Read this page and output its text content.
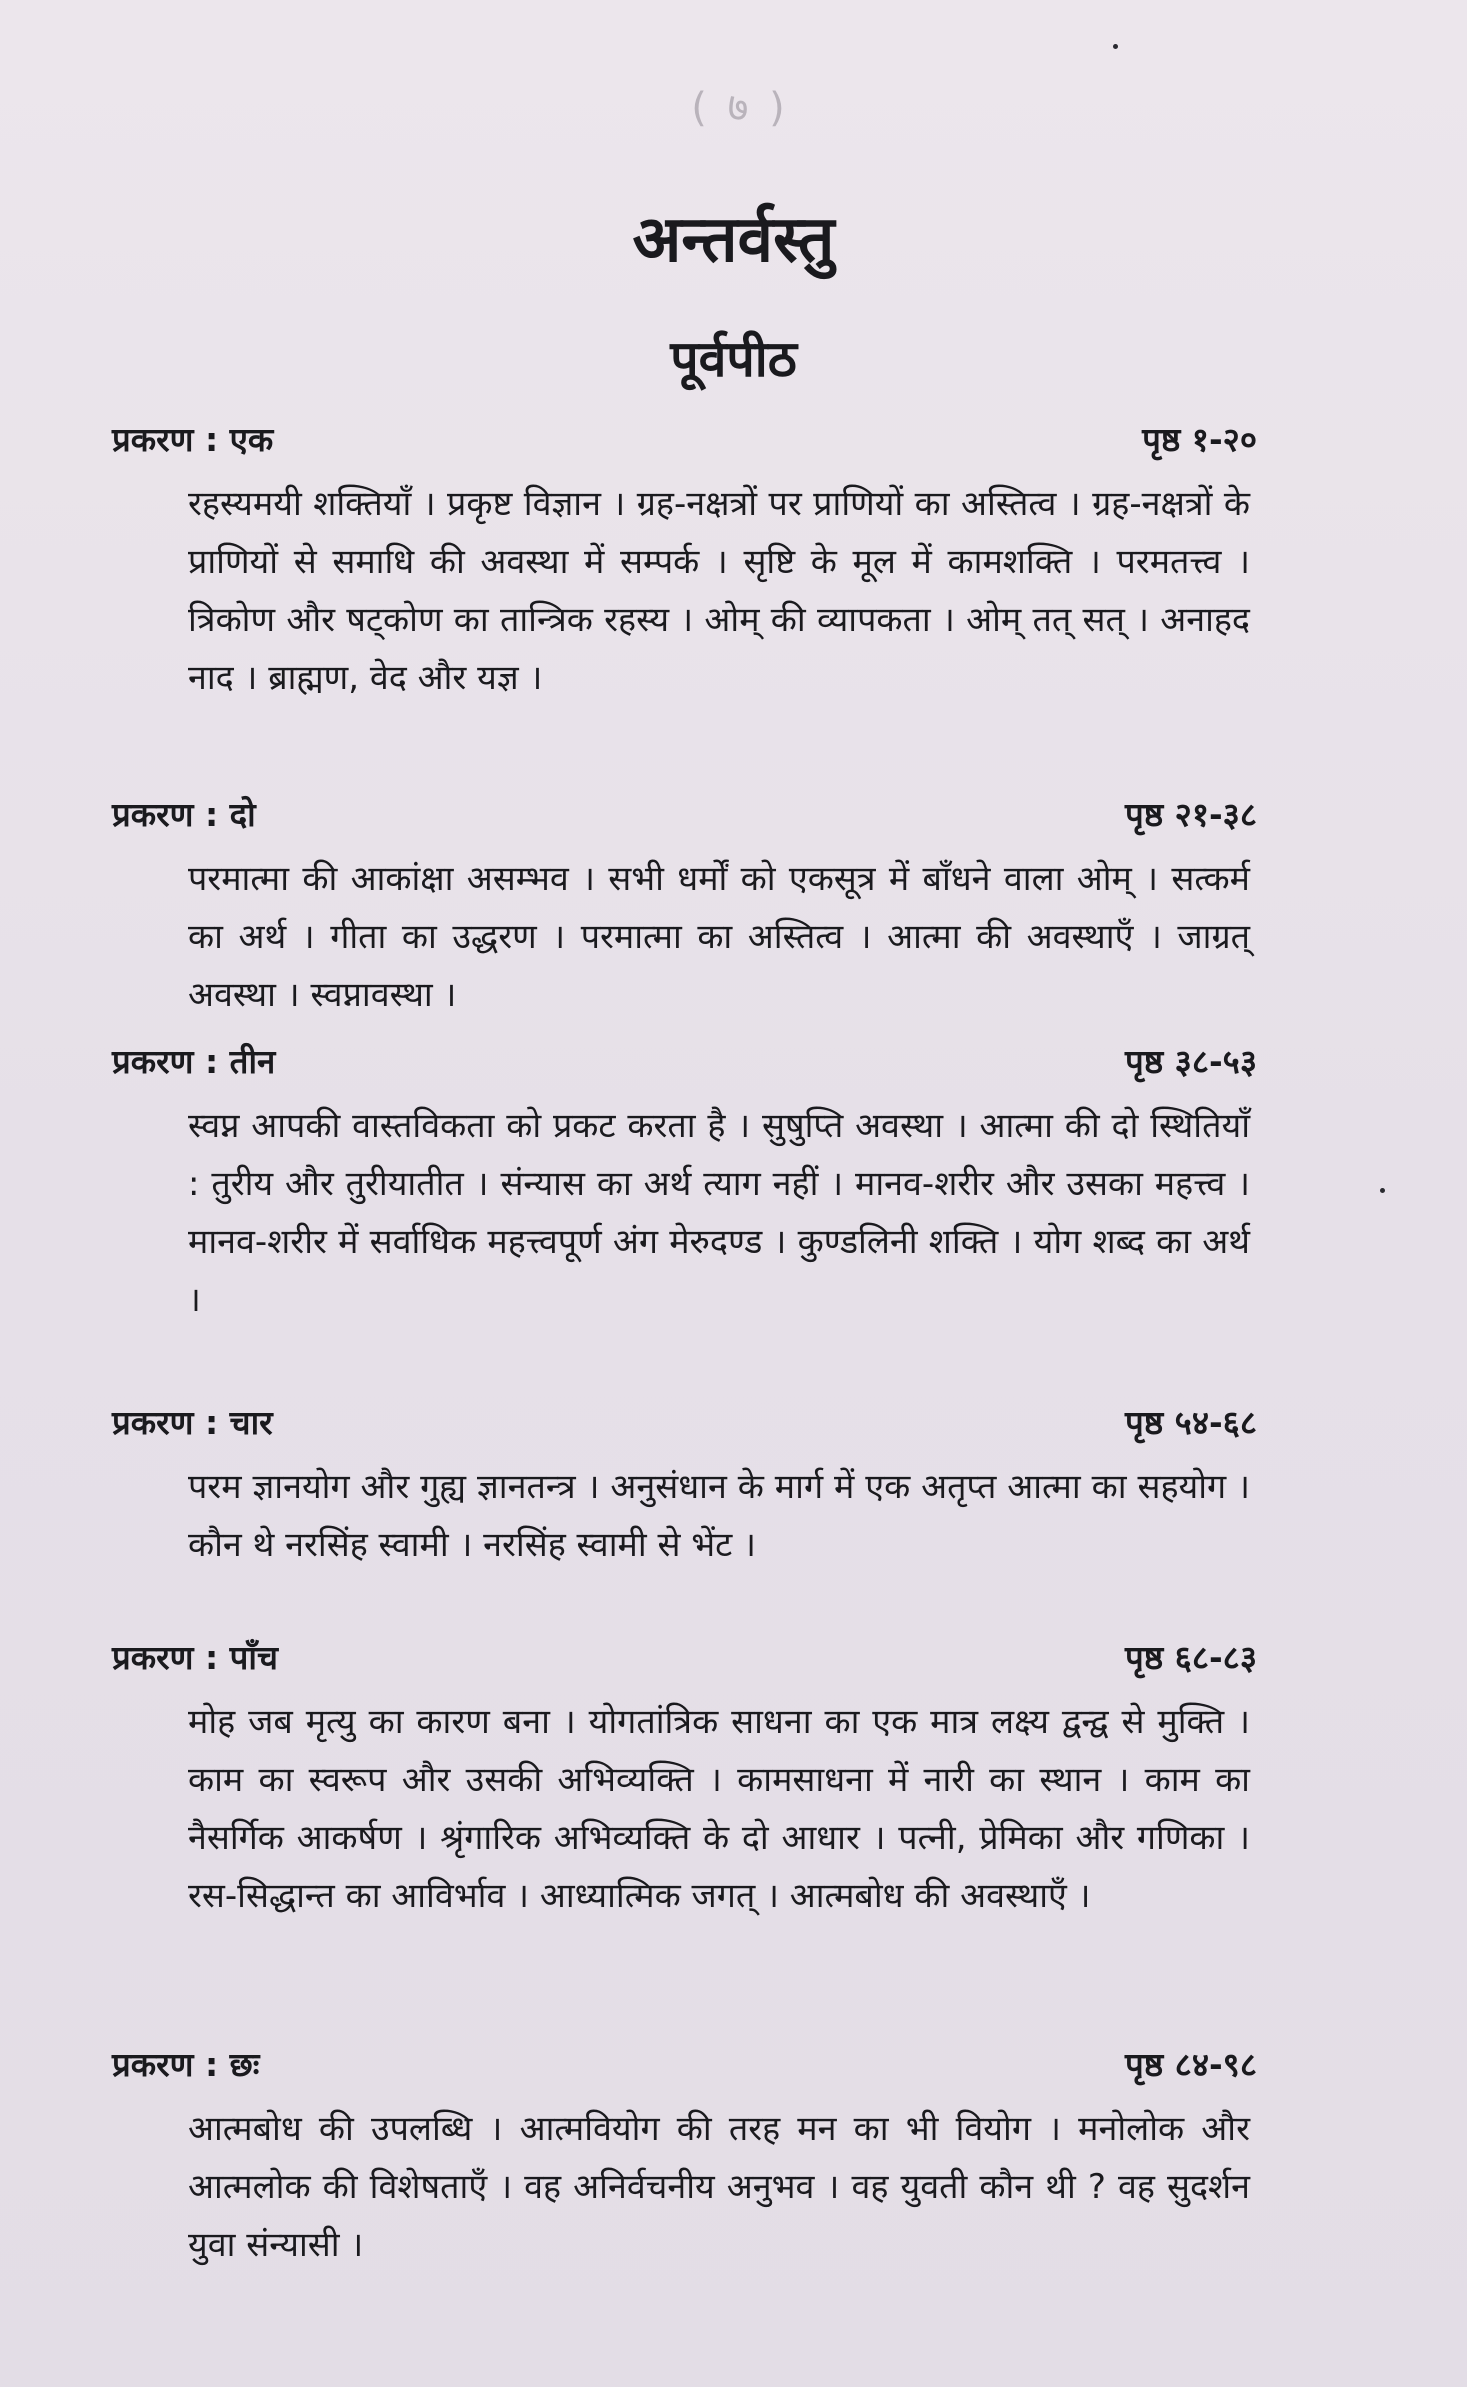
( ७ )
अन्तर्वस्तु
पूर्वपीठ
प्रकरण : एक	पृष्ठ १-२०
रहस्यमयी शक्तियाँ । प्रकृष्ट विज्ञान । ग्रह-नक्षत्रों पर प्राणियों का अस्तित्व । ग्रह-नक्षत्रों के प्राणियों से समाधि की अवस्था में सम्पर्क । सृष्टि के मूल में कामशक्ति । परमतत्त्व । त्रिकोण और षट्कोण का तान्त्रिक रहस्य । ओम् की व्यापकता । ओम् तत् सत् । अनाहद नाद । ब्राह्मण, वेद और यज्ञ ।
प्रकरण : दो	पृष्ठ २१-३८
परमात्मा की आकांक्षा असम्भव । सभी धर्मों को एकसूत्र में बाँधने वाला ओम् । सत्कर्म का अर्थ । गीता का उद्धरण । परमात्मा का अस्तित्व । आत्मा की अवस्थाएँ । जाग्रत् अवस्था । स्वप्नावस्था ।
प्रकरण : तीन	पृष्ठ ३८-५३
स्वप्न आपकी वास्तविकता को प्रकट करता है । सुषुप्ति अवस्था । आत्मा की दो स्थितियाँ : तुरीय और तुरीयातीत । संन्यास का अर्थ त्याग नहीं । मानव-शरीर और उसका महत्त्व । मानव-शरीर में सर्वाधिक महत्त्वपूर्ण अंग मेरुदण्ड । कुण्डलिनी शक्ति । योग शब्द का अर्थ ।
प्रकरण : चार	पृष्ठ ५४-६८
परम ज्ञानयोग और गुह्य ज्ञानतन्त्र । अनुसंधान के मार्ग में एक अतृप्त आत्मा का सहयोग । कौन थे नरसिंह स्वामी । नरसिंह स्वामी से भेंट ।
प्रकरण : पाँच	पृष्ठ ६८-८३
मोह जब मृत्यु का कारण बना । योगतांत्रिक साधना का एक मात्र लक्ष्य द्वन्द्व से मुक्ति । काम का स्वरूप और उसकी अभिव्यक्ति । कामसाधना में नारी का स्थान । काम का नैसर्गिक आकर्षण । श्रृंगारिक अभिव्यक्ति के दो आधार । पत्नी, प्रेमिका और गणिका । रस-सिद्धान्त का आविर्भाव । आध्यात्मिक जगत् । आत्मबोध की अवस्थाएँ ।
प्रकरण : छः	पृष्ठ ८४-९८
आत्मबोध की उपलब्धि । आत्मवियोग की तरह मन का भी वियोग । मनोलोक और आत्मलोक की विशेषताएँ । वह अनिर्वचनीय अनुभव । वह युवती कौन थी ? वह सुदर्शन युवा संन्यासी ।
